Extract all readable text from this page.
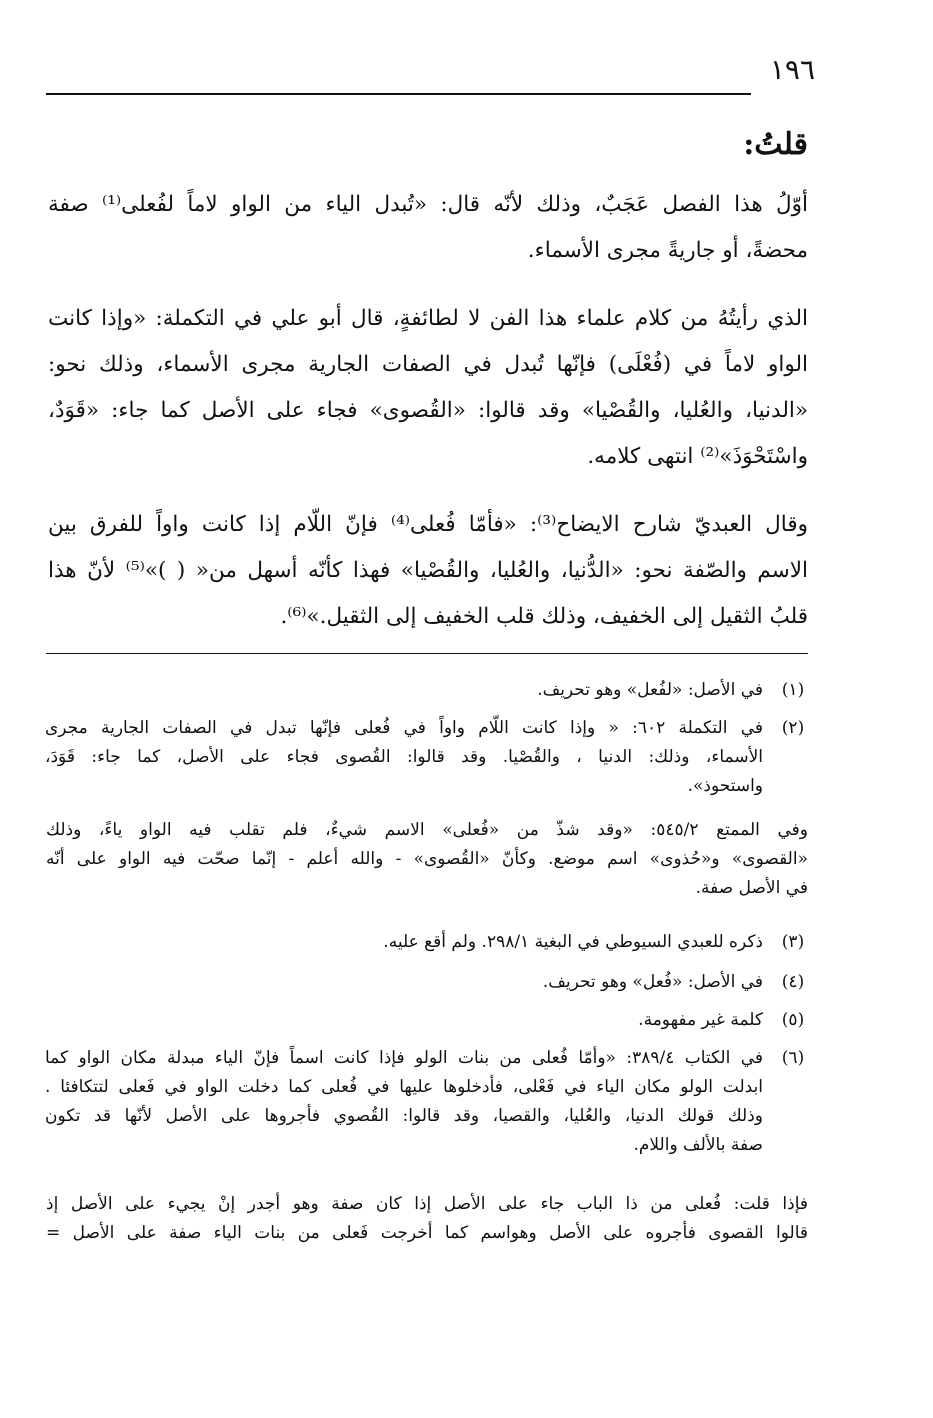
١٩٦
قلتُ:
أوّلُ هذا الفصل عَجَبٌ، وذلك لأنّه قال: «تُبدل الياء من الواو لاماً لفُعلى⁽¹⁾ صفة
محضةً، أو جاريةً مجرى الأسماء.
الذي رأيتُهُ من كلام علماء هذا الفن لا لطائفةٍ، قال أبو علي في التكملة: «وإذا كانت
الواو لاماً في (فُعْلَى) فإنّها تُبدل في الصفات الجارية مجرى الأسماء، وذلك نحو:
«الدنيا، والعُليا، والقُصْيا» وقد قالوا: «القُصوى» فجاء على الأصل كما جاء: «قَوَدٌ،
واسْتَحْوَذَ»⁽²⁾ انتهى كلامه.
وقال العبديّ شارح الايضاح⁽³⁾: «فأمّا فُعلى⁽⁴⁾ فإنّ اللّام إذا كانت واواً للفرق بين
الاسم والصّفة نحو: «الدُّنيا، والعُليا، والقُصْيا» فهذا كأنّه أسهل من« ( )»⁽⁵⁾ لأنّ هذا
قلبُ الثقيل إلى الخفيف، وذلك قلب الخفيف إلى الثقيل.»⁽⁶⁾.
(١)
في الأصل: «لفُعل» وهو تحريف.
(٢)
في التكملة ٦٠٢: « وإذا كانت اللّام واواً في فُعلى فإنّها تبدل في الصفات الجارية مجرى
الأسماء، وذلك: الدنيا ، والقُصْيا. وقد قالوا: القُصوى فجاء على الأصل، كما جاء: قَوَدَ،
واستحوذ».
وفي الممتع ٥٤٥/٢: «وقد شذّ من «فُعلى» الاسم شيءٌ، فلم تقلب فيه الواو ياءً، وذلك
«القصوى» و«حُذوى» اسم موضع. وكأنّ «القُصوى» - والله أعلم - إنّما صحّت فيه الواو على أنّه
في الأصل صفة.
(٣)
ذكره للعبدي السيوطي في البغية ٢٩٨/١. ولم أقع عليه.
(٤)
في الأصل: «فُعل» وهو تحريف.
(٥)
كلمة غير مفهومة.
(٦)
في الكتاب ٣٨٩/٤: «وأمّا فُعلى من بنات الولو فإذا كانت اسماً فإنّ الياء مبدلة مكان الواو كما
ابدلت الولو مكان الياء في فَعْلى، فأدخلوها عليها في فُعلى كما دخلت الواو في فَعلى لتتكافئا .
وذلك قولك الدنيا، والعُليا، والقصيا، وقد قالوا: القُصوي فأجروها على الأصل لأنّها قد تكون
صفة بالألف واللام.
فإذا قلت: فُعلى من ذا الباب جاء على الأصل إذا كان صفة وهو أجدر إنْ يجيء على الأصل إذ
قالوا القصوى فأجروه على الأصل وهواسم كما أخرجت فَعلى من بنات الياء صفة على الأصل =
